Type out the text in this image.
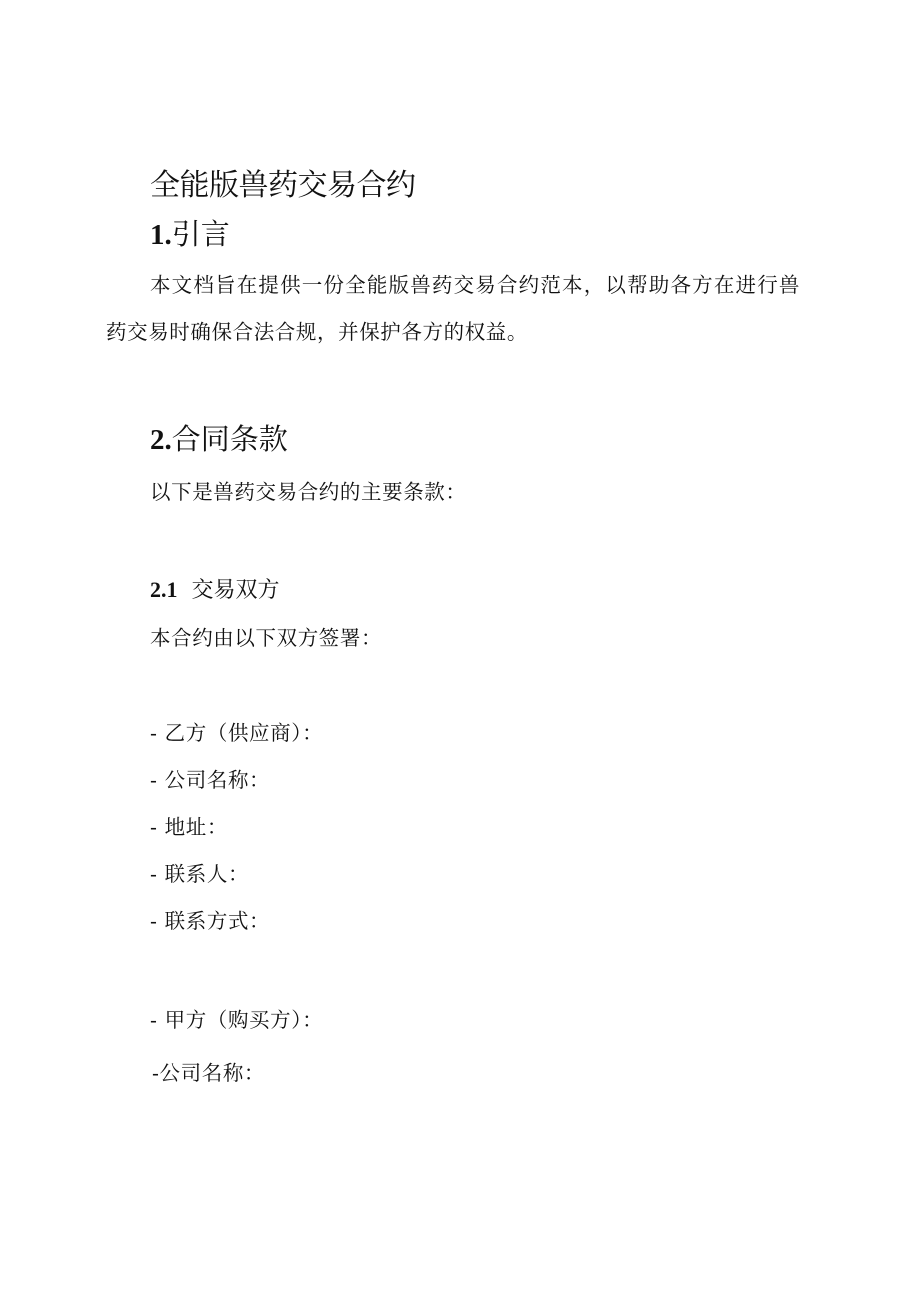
全能版兽药交易合约
1.引言
本文档旨在提供一份全能版兽药交易合约范本，以帮助各方在进行兽药交易时确保合法合规，并保护各方的权益。
2.合同条款
以下是兽药交易合约的主要条款：
2.1 交易双方
本合约由以下双方签署：
- 乙方（供应商）：
- 公司名称：
- 地址：
- 联系人：
- 联系方式：
- 甲方（购买方）：
-公司名称：
